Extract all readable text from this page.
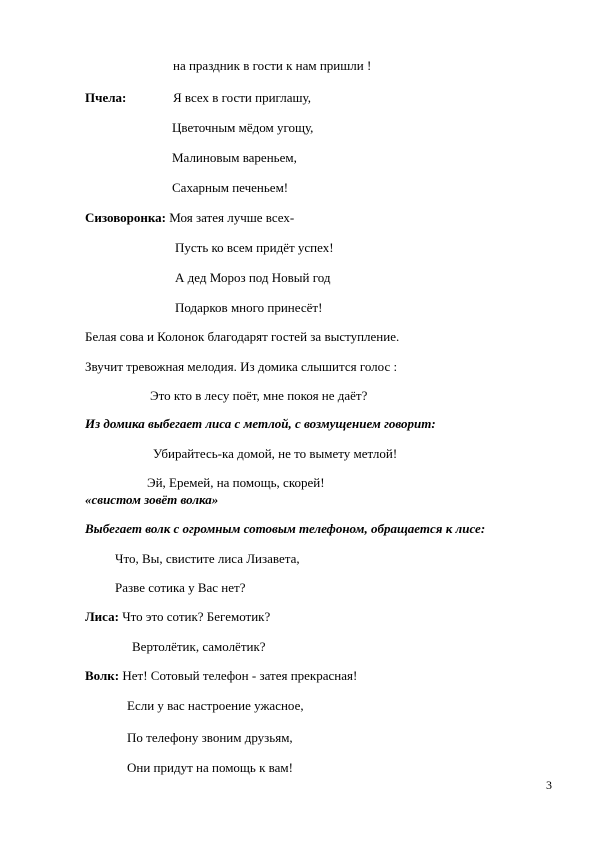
на праздник в гости к нам пришли !
Пчела:	Я всех в гости приглашу,
Цветочным мёдом угощу,
Малиновым вареньем,
Сахарным печеньем!
Сизоворонка: Моя затея лучше всех-
Пусть ко всем придёт успех!
А дед Мороз под Новый год
Подарков много принесёт!
Белая сова и Колонок благодарят гостей за выступление.
Звучит тревожная мелодия. Из домика слышится голос :
Это кто в лесу поёт, мне покоя не даёт?
Из домика выбегает лиса с метлой, с возмущением говорит:
Убирайтесь-ка домой, не то вымету метлой!
Эй, Еремей, на помощь, скорей!
«свистом зовёт волка»
Выбегает волк с огромным сотовым телефоном, обращается к лисе:
Что, Вы, свистите лиса Лизавета,
Разве сотика у Вас нет?
Лиса: Что это сотик? Бегемотик?
Вертолётик, самолётик?
Волк: Нет! Сотовый телефон - затея прекрасная!
Если у вас настроение ужасное,
По телефону звоним друзьям,
Они придут на помощь к вам!
3
